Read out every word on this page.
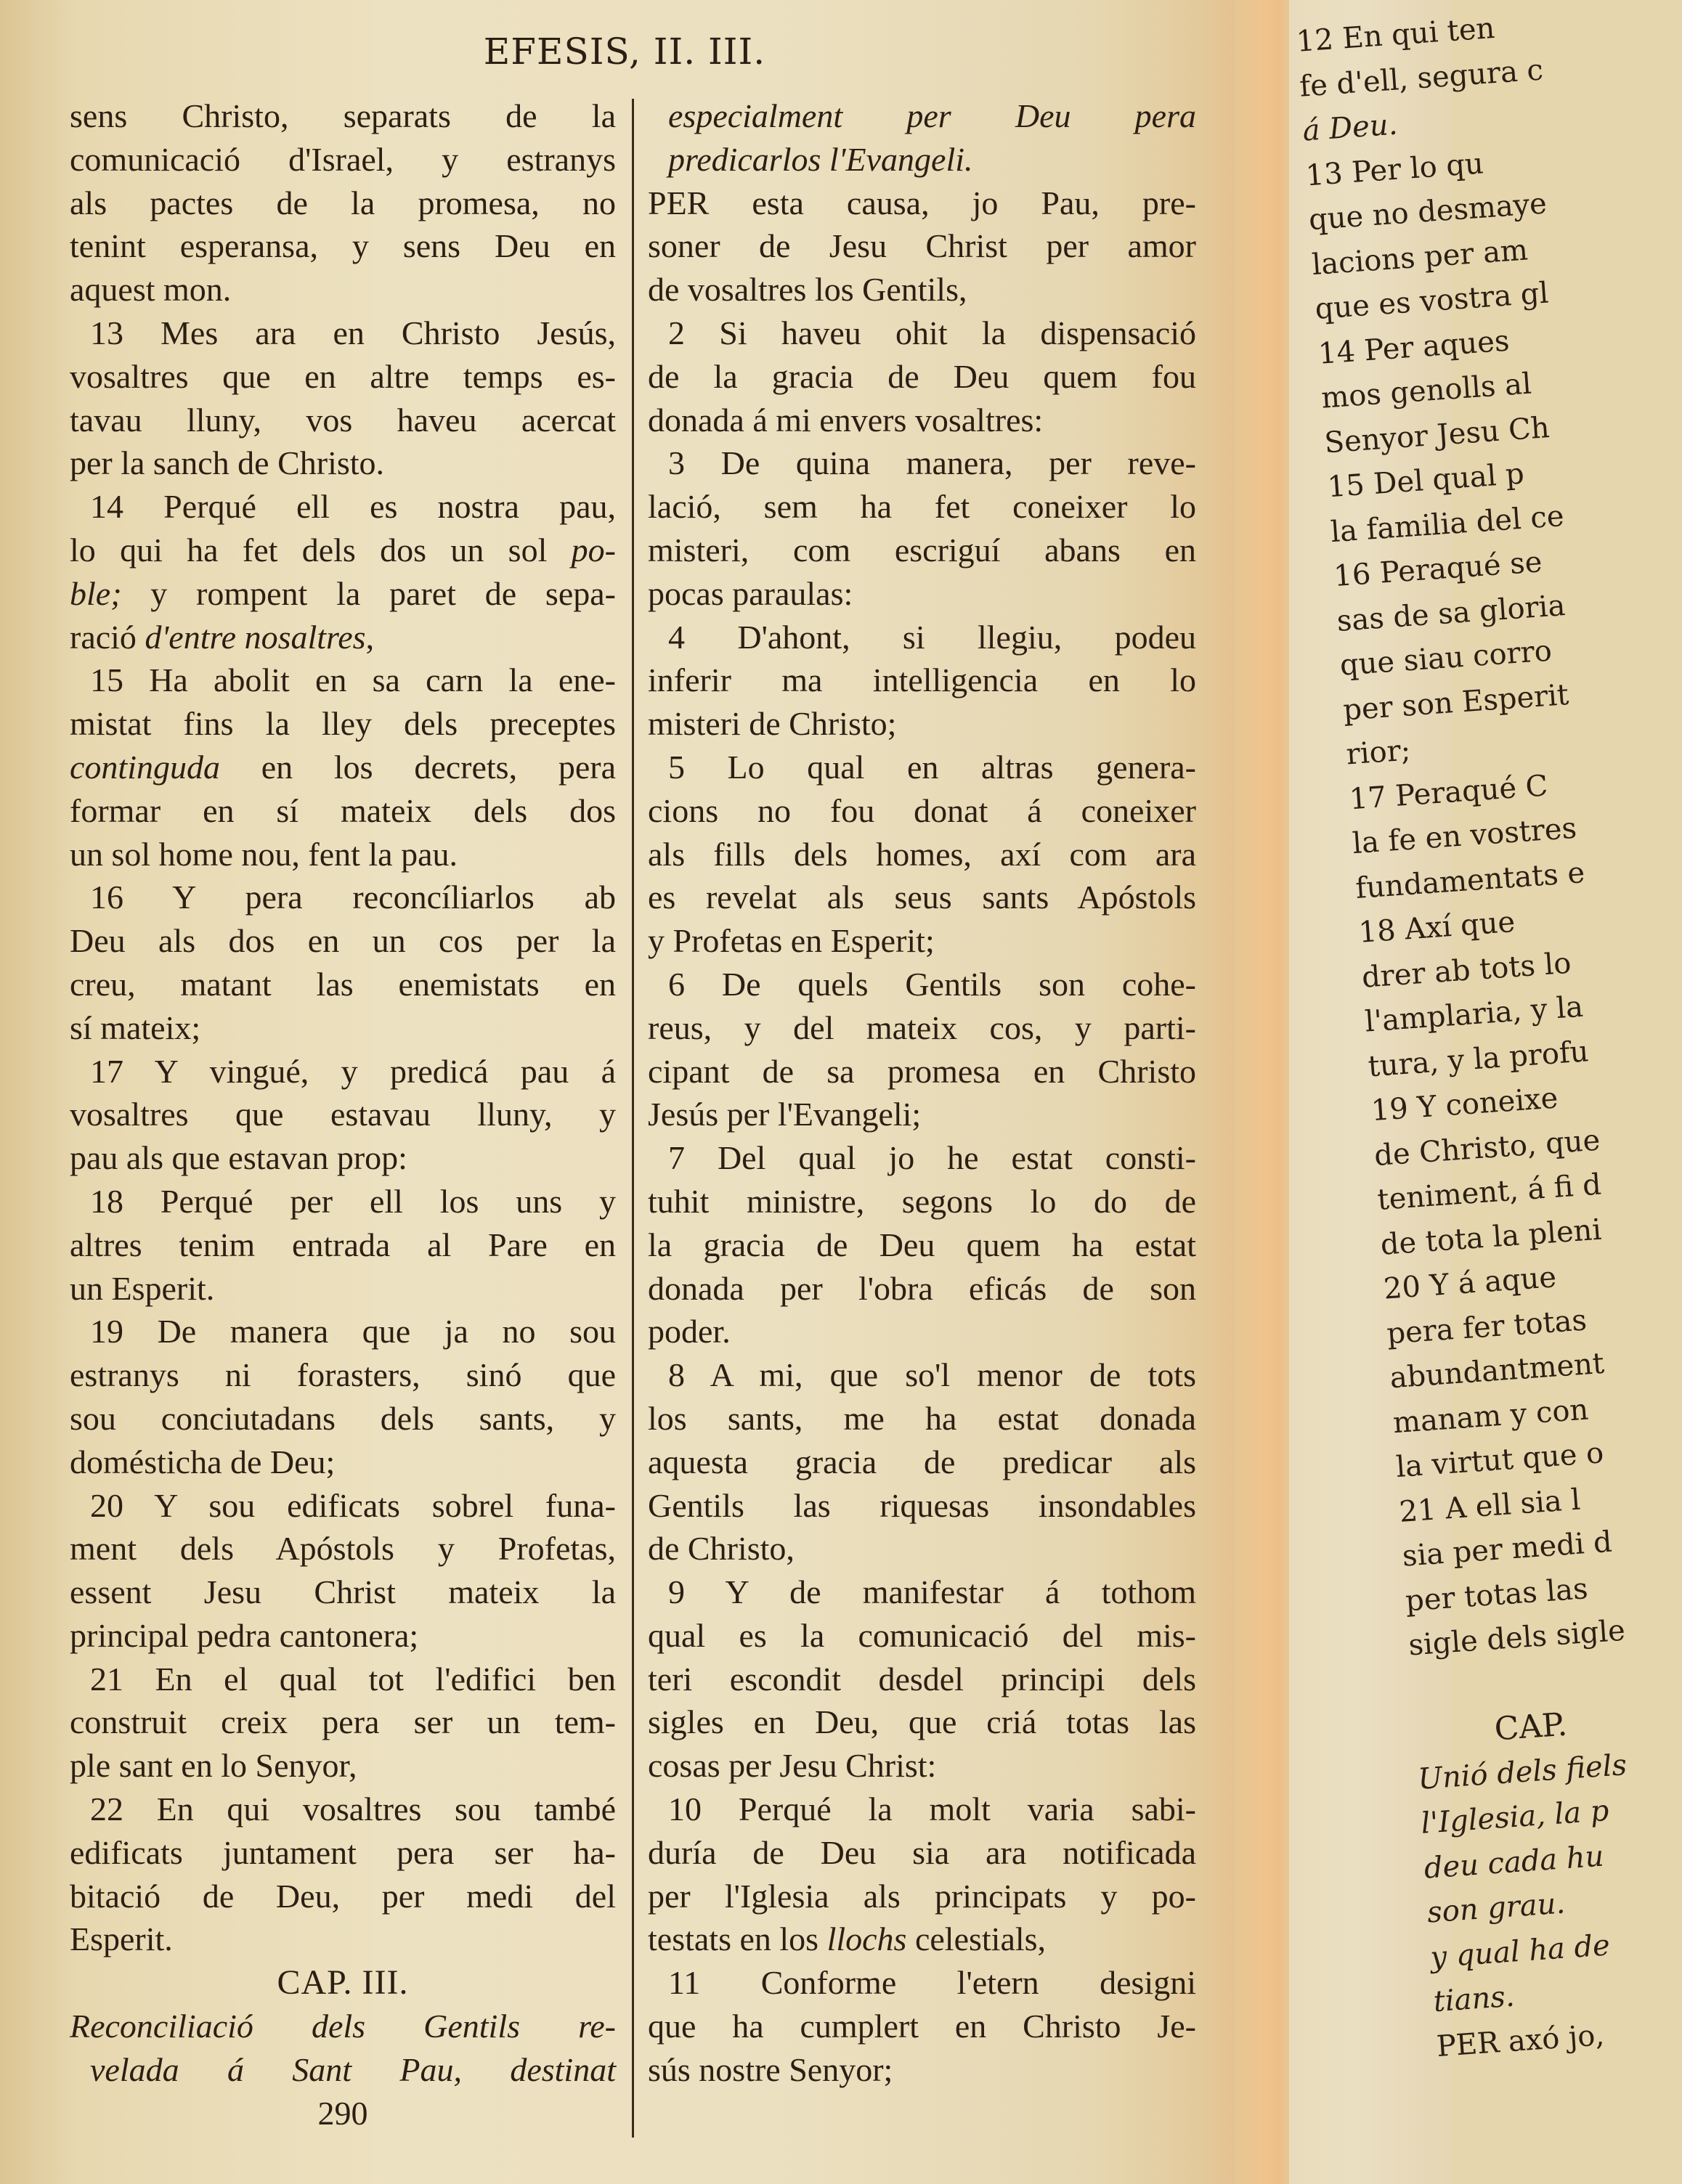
EFESIS, II. III.
sens Christo, separats de la
comunicació d'Israel, y estranys
als pactes de la promesa, no
tenint esperansa, y sens Deu en
aquest mon.
13 Mes ara en Christo Jesús,
vosaltres que en altre temps es-
tavau lluny, vos haveu acercat
per la sanch de Christo.
14 Perqué ell es nostra pau,
lo qui ha fet dels dos un sol po-
ble; y rompent la paret de sepa-
ració d'entre nosaltres,
15 Ha abolit en sa carn la ene-
mistat fins la lley dels preceptes
continguda en los decrets, pera
formar en sí mateix dels dos
un sol home nou, fent la pau.
16 Y pera reconcíliarlos ab
Deu als dos en un cos per la
creu, matant las enemistats en
sí mateix;
17 Y vingué, y predicá pau á
vosaltres que estavau lluny, y
pau als que estavan prop:
18 Perqué per ell los uns y
altres tenim entrada al Pare en
un Esperit.
19 De manera que ja no sou
estranys ni forasters, sinó que
sou conciutadans dels sants, y
domésticha de Deu;
20 Y sou edificats sobrel funa-
ment dels Apóstols y Profetas,
essent Jesu Christ mateix la
principal pedra cantonera;
21 En el qual tot l'edifici ben
construit creix pera ser un tem-
ple sant en lo Senyor,
22 En qui vosaltres sou també
edificats juntament pera ser ha-
bitació de Deu, per medi del
Esperit.
CAP. III.
Reconciliació dels Gentils re-
velada á Sant Pau, destinat
290
especialment per Deu pera
predicarlos l'Evangeli.
PER esta causa, jo Pau, pre-
soner de Jesu Christ per amor
de vosaltres los Gentils,
2 Si haveu ohit la dispensació
de la gracia de Deu quem fou
donada á mi envers vosaltres:
3 De quina manera, per reve-
lació, sem ha fet coneixer lo
misteri, com escriguí abans en
pocas paraulas:
4 D'ahont, si llegiu, podeu
inferir ma intelligencia en lo
misteri de Christo;
5 Lo qual en altras genera-
cions no fou donat á coneixer
als fills dels homes, axí com ara
es revelat als seus sants Apóstols
y Profetas en Esperit;
6 De quels Gentils son cohe-
reus, y del mateix cos, y parti-
cipant de sa promesa en Christo
Jesús per l'Evangeli;
7 Del qual jo he estat consti-
tuhit ministre, segons lo do de
la gracia de Deu quem ha estat
donada per l'obra eficás de son
poder.
8 A mi, que so'l menor de tots
los sants, me ha estat donada
aquesta gracia de predicar als
Gentils las riquesas insondables
de Christo,
9 Y de manifestar á tothom
qual es la comunicació del mis-
teri escondit desdel principi dels
sigles en Deu, que criá totas las
cosas per Jesu Christ:
10 Perqué la molt varia sabi-
duría de Deu sia ara notificada
per l'Iglesia als principats y po-
testats en los llochs celestials,
11 Conforme l'etern designi
que ha cumplert en Christo Je-
sús nostre Senyor;
12 En qui ten
fe d'ell, segura c
á Deu.
13 Per lo qu
que no desmaye
lacions per am
que es vostra gl
14 Per aques
mos genolls al
Senyor Jesu Ch
15 Del qual p
la familia del ce
16 Peraqué se
sas de sa gloria
que siau corro
per son Esperit
rior;
17 Peraqué C
la fe en vostres
fundamentats e
18 Axí que
drer ab tots lo
l'amplaria, y la
tura, y la profu
19 Y coneixe
de Christo, que
teniment, á fi d
de tota la pleni
20 Y á aque
pera fer totas
abundantment
manam y con
la virtut que o
21 A ell sia l
sia per medi d
per totas las
sigle dels sigle
CAP.
Unió dels fiels
l'Iglesia, la p
deu cada hu
son grau.
y qual ha de
tians.
PER axó jo,
